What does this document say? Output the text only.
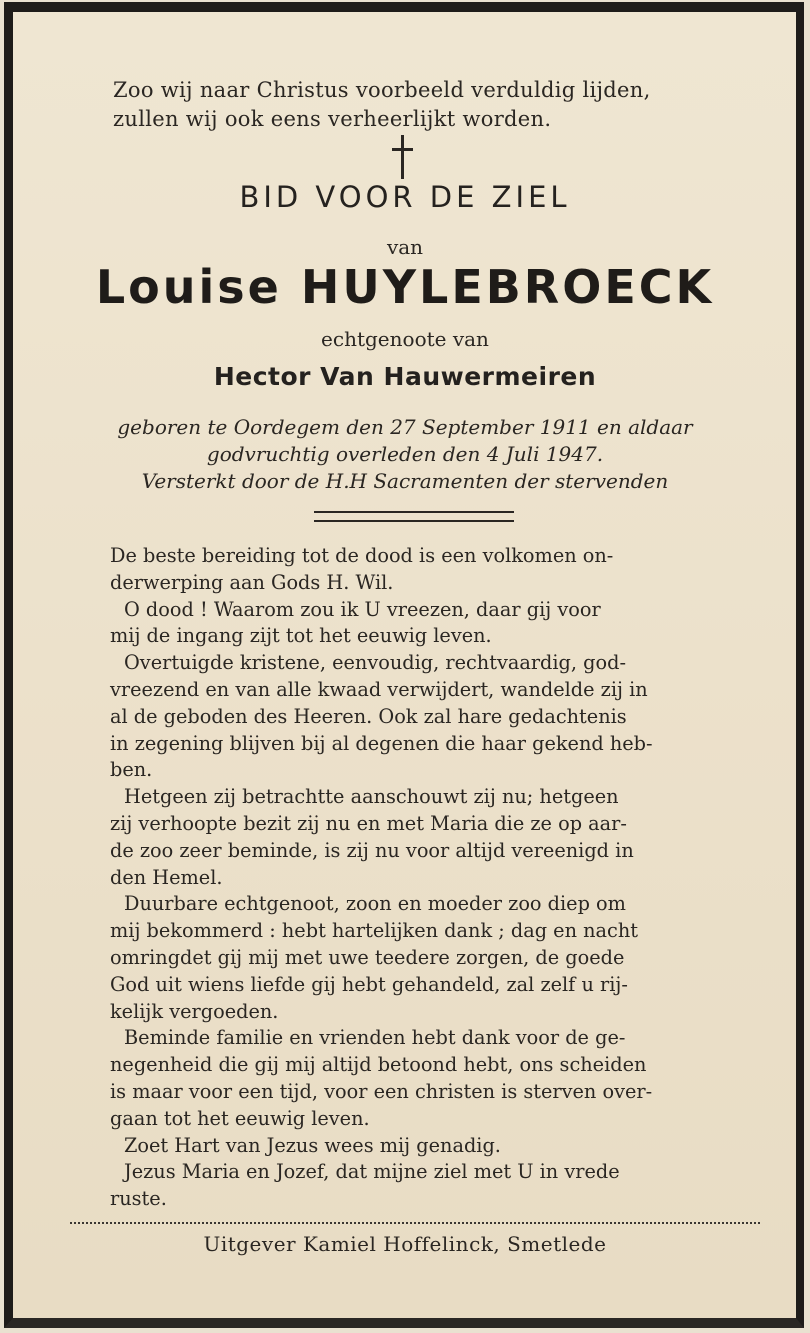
Zoo wij naar Christus voorbeeld verduldig lijden,
zullen wij ook eens verheerlijkt worden.
BID VOOR DE ZIEL
van
Louise HUYLEBROECK
echtgenoote van
Hector Van Hauwermeiren
geboren te Oordegem den 27 September 1911 en aldaar
godvruchtig overleden den 4 Juli 1947.
Versterkt door de H.H Sacramenten der stervenden
De beste bereiding tot de dood is een volkomen on-
derwerping aan Gods H. Wil.
O dood ! Waarom zou ik U vreezen, daar gij voor
mij de ingang zijt tot het eeuwig leven.
Overtuigde kristene, eenvoudig, rechtvaardig, god-
vreezend en van alle kwaad verwijdert, wandelde zij in
al de geboden des Heeren. Ook zal hare gedachtenis
in zegening blijven bij al degenen die haar gekend heb-
ben.
Hetgeen zij betrachtte aanschouwt zij nu; hetgeen
zij verhoopte bezit zij nu en met Maria die ze op aar-
de zoo zeer beminde, is zij nu voor altijd vereenigd in
den Hemel.
Duurbare echtgenoot, zoon en moeder zoo diep om
mij bekommerd : hebt hartelijken dank ; dag en nacht
omringdet gij mij met uwe teedere zorgen, de goede
God uit wiens liefde gij hebt gehandeld, zal zelf u rij-
kelijk vergoeden.
Beminde familie en vrienden hebt dank voor de ge-
negenheid die gij mij altijd betoond hebt, ons scheiden
is maar voor een tijd, voor een christen is sterven over-
gaan tot het eeuwig leven.
Zoet Hart van Jezus wees mij genadig.
Jezus Maria en Jozef, dat mijne ziel met U in vrede
ruste.
Uitgever Kamiel Hoffelinck, Smetlede
